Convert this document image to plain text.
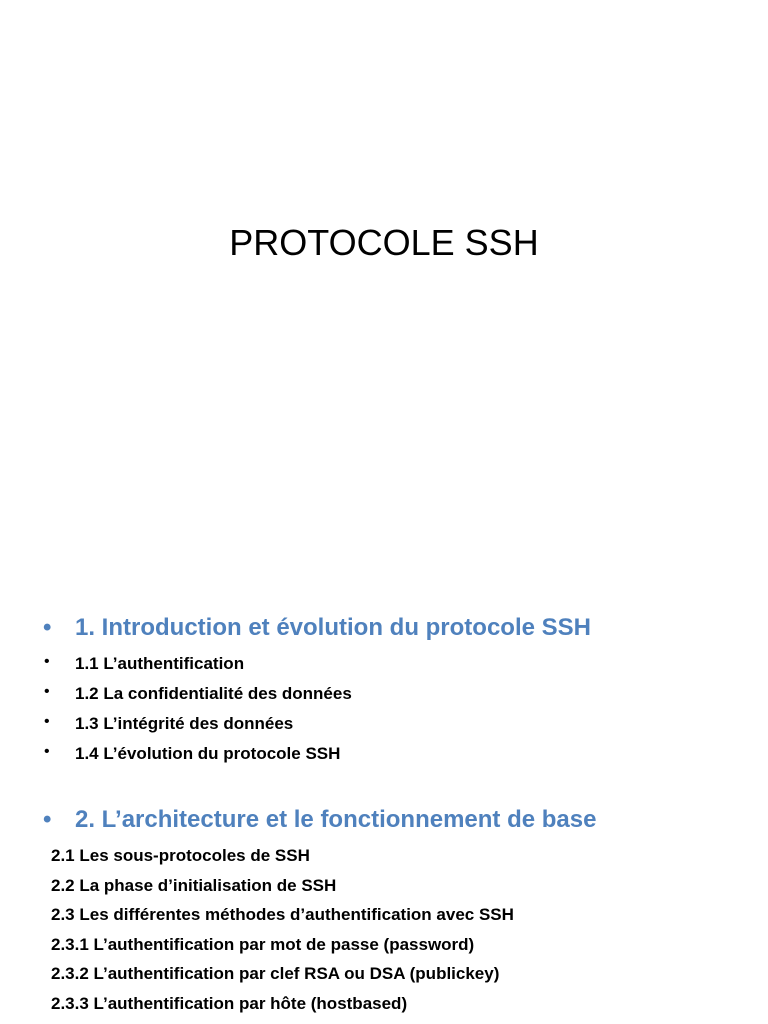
PROTOCOLE SSH
• 1. Introduction et évolution du protocole SSH
• 1.1 L’authentification
• 1.2 La confidentialité des données
• 1.3 L’intégrité des données
• 1.4 L’évolution du protocole SSH
• 2. L’architecture et le fonctionnement de base
2.1 Les sous-protocoles de SSH
2.2 La phase d’initialisation de SSH
2.3 Les différentes méthodes d’authentification avec SSH
2.3.1 L’authentification par mot de passe (password)
2.3.2 L’authentification par clef RSA ou DSA (publickey)
2.3.3 L’authentification par hôte (hostbased)
